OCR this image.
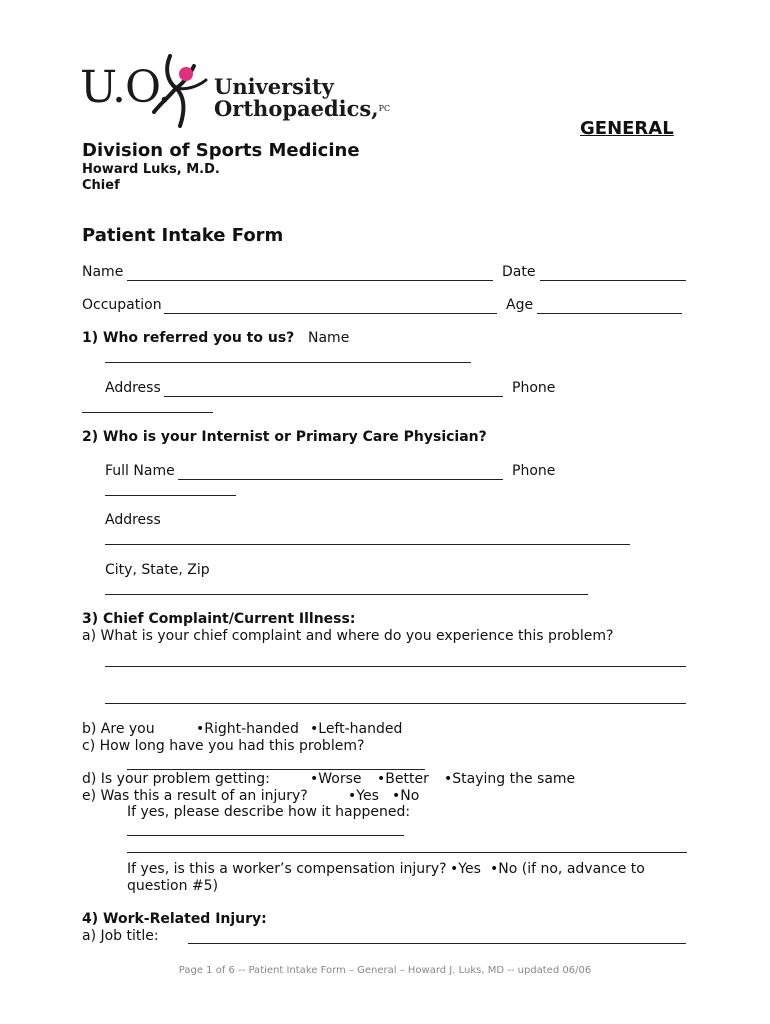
U.O. University
Orthopaedics,$^{PC}$
GENERAL
Division of Sports Medicine
Howard Luks, M.D.
Chief
Patient Intake Form
Name	Date
Occupation	Age
1) Who referred you to us? Name
Address	Phone
2) Who is your Internist or Primary Care Physician?
Full Name	Phone
Address
City, State, Zip
3) Chief Complaint/Current Illness:
a) What is your chief complaint and where do you experience this problem?
b) Are you	•Right-handed •Left-handed
c) How long have you had this problem?
d) Is your problem getting:	•Worse •Better •Staying the same
e) Was this a result of an injury?	•Yes •No
If yes, please describe how it happened:
If yes, is this a worker’s compensation injury? •Yes •No (if no, advance to
question #5)
4) Work-Related Injury:
a) Job title:
Page 1 of 6 -- Patient Intake Form – General – Howard J. Luks, MD -- updated 06/06
